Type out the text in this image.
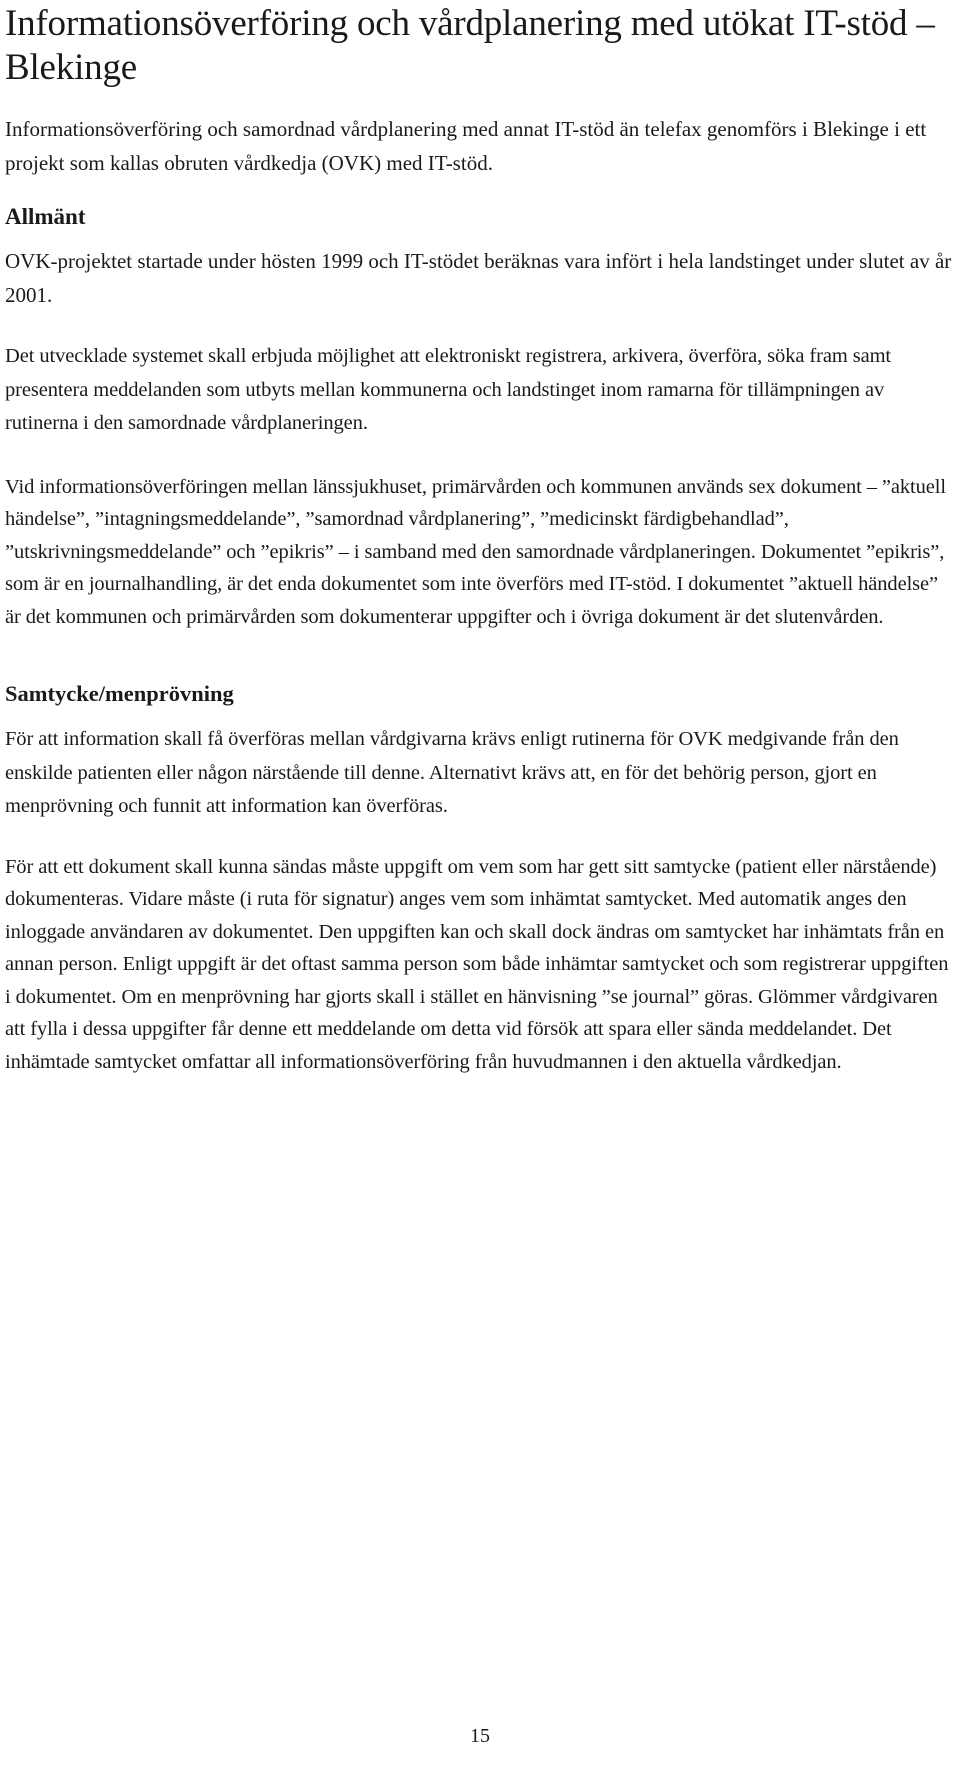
Informationsöverföring och vårdplanering med utökat IT-stöd – Blekinge

Informationsöverföring och samordnad vårdplanering med annat IT-stöd än telefax genomförs i Blekinge i ett projekt som kallas obruten vårdkedja (OVK) med IT-stöd.

Allmänt

OVK-projektet startade under hösten 1999 och IT-stödet beräknas vara infört i hela landstinget under slutet av år 2001.

Det utvecklade systemet skall erbjuda möjlighet att elektroniskt registrera, arkivera, överföra, söka fram samt presentera meddelanden som utbyts mellan kommunerna och landstinget inom ramarna för tillämpningen av rutinerna i den samordnade vårdplaneringen.

Vid informationsöverföringen mellan länssjukhuset, primärvården och kommunen används sex dokument – ”aktuell händelse”, ”intagningsmeddelande”, ”samordnad vårdplanering”, ”medicinskt färdigbehandlad”, ”utskrivningsmeddelande” och ”epikris” – i samband med den samordnade vårdplaneringen. Dokumentet ”epikris”, som är en journalhandling, är det enda dokumentet som inte överförs med IT-stöd. I dokumentet ”aktuell händelse” är det kommunen och primärvården som dokumenterar uppgifter och i övriga dokument är det slutenvården.

Samtycke/menprövning

För att information skall få överföras mellan vårdgivarna krävs enligt rutinerna för OVK medgivande från den enskilde patienten eller någon närstående till denne. Alternativt krävs att, en för det behörig person, gjort en menprövning och funnit att information kan överföras.

För att ett dokument skall kunna sändas måste uppgift om vem som har gett sitt samtycke (patient eller närstående) dokumenteras. Vidare måste (i ruta för signatur) anges vem som inhämtat samtycket. Med automatik anges den inloggade användaren av dokumentet. Den uppgiften kan och skall dock ändras om samtycket har inhämtats från en annan person. Enligt uppgift är det oftast samma person som både inhämtar samtycket och som registrerar uppgiften i dokumentet. Om en menprövning har gjorts skall i stället en hänvisning ”se journal” göras. Glömmer vårdgivaren att fylla i dessa uppgifter får denne ett meddelande om detta vid försök att spara eller sända meddelandet. Det inhämtade samtycket omfattar all informationsöverföring från huvudmannen i den aktuella vårdkedjan.

15
